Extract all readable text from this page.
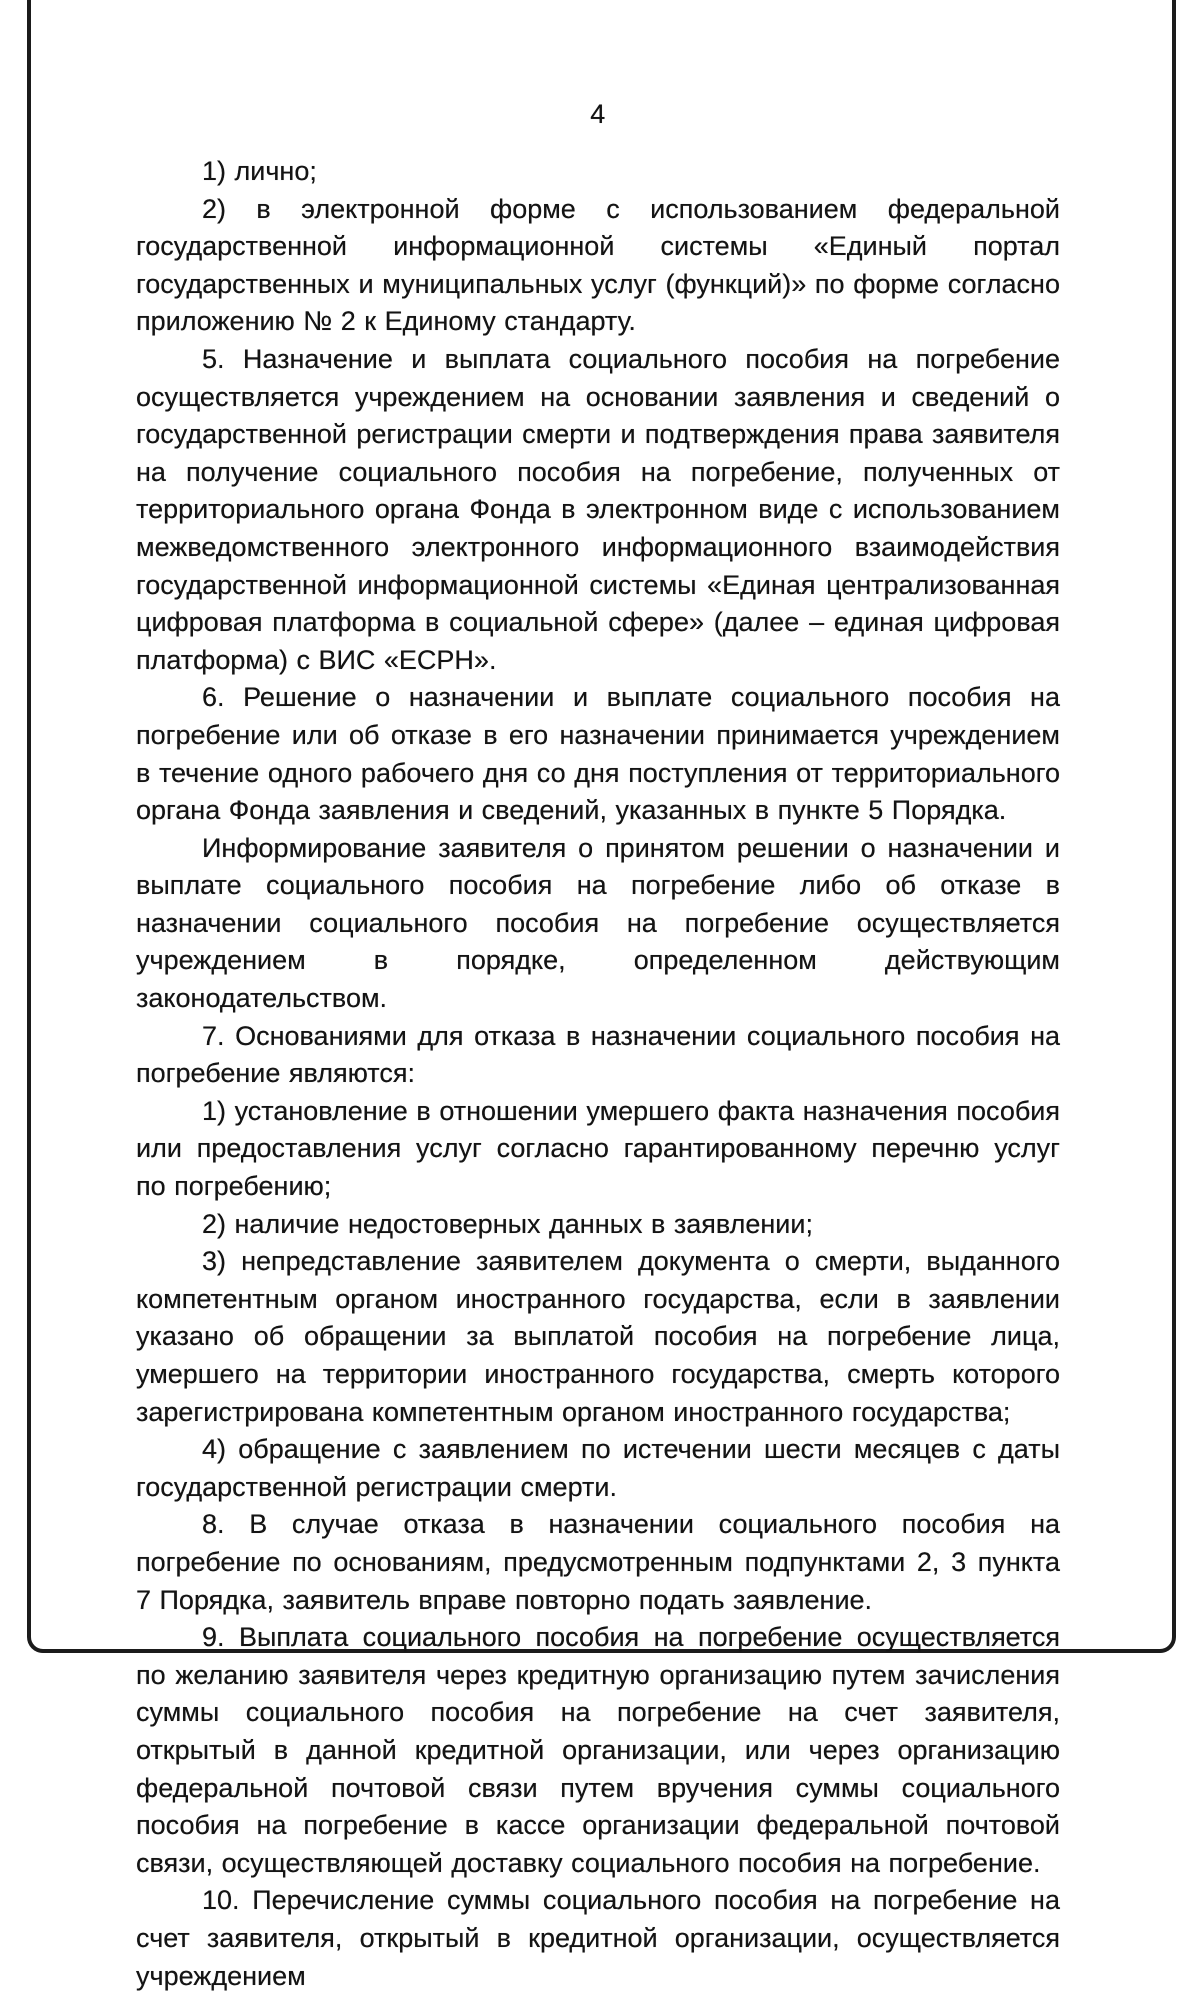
4

1) лично;

2) в электронной форме с использованием федеральной государственной информационной системы «Единый портал государственных и муниципальных услуг (функций)» по форме согласно приложению № 2 к Единому стандарту.

5. Назначение и выплата социального пособия на погребение осуществляется учреждением на основании заявления и сведений о государственной регистрации смерти и подтверждения права заявителя на получение социального пособия на погребение, полученных от территориального органа Фонда в электронном виде с использованием межведомственного электронного информационного взаимодействия государственной информационной системы «Единая централизованная цифровая платформа в социальной сфере» (далее – единая цифровая платформа) с ВИС «ЕСРН».

6. Решение о назначении и выплате социального пособия на погребение или об отказе в его назначении принимается учреждением в течение одного рабочего дня со дня поступления от территориального органа Фонда заявления и сведений, указанных в пункте 5 Порядка.

Информирование заявителя о принятом решении о назначении и выплате социального пособия на погребение либо об отказе в назначении социального пособия на погребение осуществляется учреждением в порядке, определенном действующим законодательством.

7. Основаниями для отказа в назначении социального пособия на погребение являются:

1) установление в отношении умершего факта назначения пособия или предоставления услуг согласно гарантированному перечню услуг по погребению;

2) наличие недостоверных данных в заявлении;

3) непредставление заявителем документа о смерти, выданного компетентным органом иностранного государства, если в заявлении указано об обращении за выплатой пособия на погребение лица, умершего на территории иностранного государства, смерть которого зарегистрирована компетентным органом иностранного государства;

4) обращение с заявлением по истечении шести месяцев с даты государственной регистрации смерти.

8. В случае отказа в назначении социального пособия на погребение по основаниям, предусмотренным подпунктами 2, 3 пункта 7 Порядка, заявитель вправе повторно подать заявление.

9. Выплата социального пособия на погребение осуществляется по желанию заявителя через кредитную организацию путем зачисления суммы социального пособия на погребение на счет заявителя, открытый в данной кредитной организации, или через организацию федеральной почтовой связи путем вручения суммы социального пособия на погребение в кассе организации федеральной почтовой связи, осуществляющей доставку социального пособия на погребение.

10. Перечисление суммы социального пособия на погребение на счет заявителя, открытый в кредитной организации, осуществляется учреждением
